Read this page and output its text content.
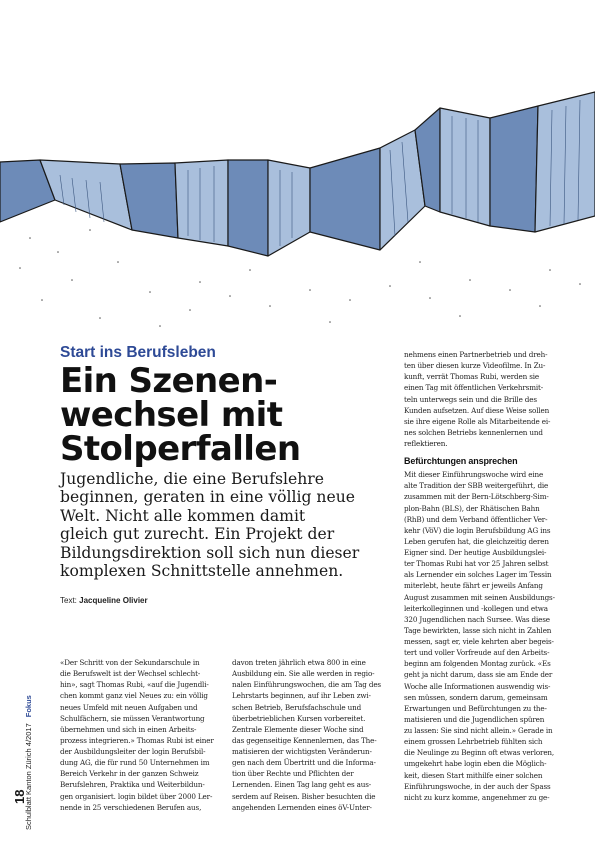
Start ins Berufsleben
Ein Szenen-
wechsel mit
Stolperfallen
Jugendliche, die eine Berufslehre
beginnen, geraten in eine völlig neue
Welt. Nicht alle kommen damit
gleich gut zurecht. Ein Projekt der
Bildungsdirektion soll sich nun dieser
komplexen Schnittstelle annehmen.
Text: Jacqueline Olivier
Schulblatt Kanton Zürich 4/2017Fokus
18
«Der Schritt von der Sekundarschule in
die Berufswelt ist der Wechsel schlecht-
hin», sagt Thomas Rubi, «auf die Jugendli-
chen kommt ganz viel Neues zu: ein völlig
neues Umfeld mit neuen Aufgaben und
Schulfächern, sie müssen Verantwortung
übernehmen und sich in einen Arbeits-
prozess integrieren.» Thomas Rubi ist einer
der Ausbildungsleiter der login Berufsbil-
dung AG, die für rund 50 Unternehmen im
Bereich Verkehr in der ganzen Schweiz
Berufslehren, Praktika und Weiterbildun-
gen organisiert. login bildet über 2000 Ler-
nende in 25 verschiedenen Berufen aus,
davon treten jährlich etwa 800 in eine
Ausbildung ein. Sie alle werden in regio-
nalen Einführungswochen, die am Tag des
Lehrstarts beginnen, auf ihr Leben zwi-
schen Betrieb, Berufsfachschule und
überbetrieblichen Kursen vorbereitet.
Zentrale Elemente dieser Woche sind
das gegenseitige Kennenlernen, das The-
matisieren der wichtigsten Veränderun-
gen nach dem Übertritt und die Informa-
tion über Rechte und Pflichten der
Lernenden. Einen Tag lang geht es aus-
serdem auf Reisen. Bisher besuchten die
angehenden Lernenden eines öV-Unter-
nehmens einen Partnerbetrieb und dreh-
ten über diesen kurze Videofilme. In Zu-
kunft, verrät Thomas Rubi, werden sie
einen Tag mit öffentlichen Verkehrsmit-
teln unterwegs sein und die Brille des
Kunden aufsetzen. Auf diese Weise sollen
sie ihre eigene Rolle als Mitarbeitende ei-
nes solchen Betriebs kennenlernen und
reflektieren.
Befürchtungen ansprechen
Mit dieser Einführungswoche wird eine
alte Tradition der SBB weitergeführt, die
zusammen mit der Bern-Lötschberg-Sim-
plon-Bahn (BLS), der Rhätischen Bahn
(RhB) und dem Verband öffentlicher Ver-
kehr (VöV) die login Berufsbildung AG ins
Leben gerufen hat, die gleichzeitig deren
Eigner sind. Der heutige Ausbildungslei-
ter Thomas Rubi hat vor 25 Jahren selbst
als Lernender ein solches Lager im Tessin
miterlebt, heute fährt er jeweils Anfang
August zusammen mit seinen Ausbildungs-
leiterkolleginnen und -kollegen und etwa
320 Jugendlichen nach Sursee. Was diese
Tage bewirkten, lasse sich nicht in Zahlen
messen, sagt er, viele kehrten aber begeis-
tert und voller Vorfreude auf den Arbeits-
beginn am folgenden Montag zurück. «Es
geht ja nicht darum, dass sie am Ende der
Woche alle Informationen auswendig wis-
sen müssen, sondern darum, gemeinsam
Erwartungen und Befürchtungen zu the-
matisieren und die Jugendlichen spüren
zu lassen: Sie sind nicht allein.» Gerade in
einem grossen Lehrbetrieb fühlten sich
die Neulinge zu Beginn oft etwas verloren,
umgekehrt habe login eben die Möglich-
keit, diesen Start mithilfe einer solchen
Einführungswoche, in der auch der Spass
nicht zu kurz komme, angenehmer zu ge-
